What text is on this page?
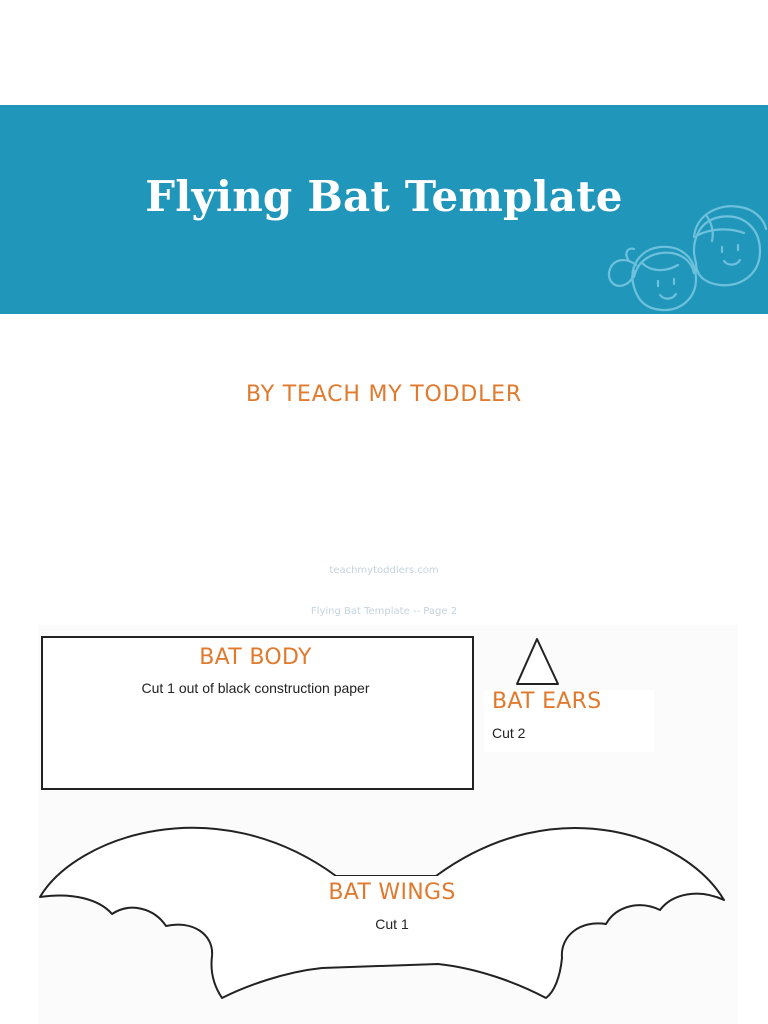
Flying Bat Template
BY TEACH MY TODDLER
teachmytoddlers.com
Flying Bat Template -- Page 2
BAT BODY
Cut 1 out of black construction paper
BAT EARS
Cut 2
BAT WINGS
Cut 1
